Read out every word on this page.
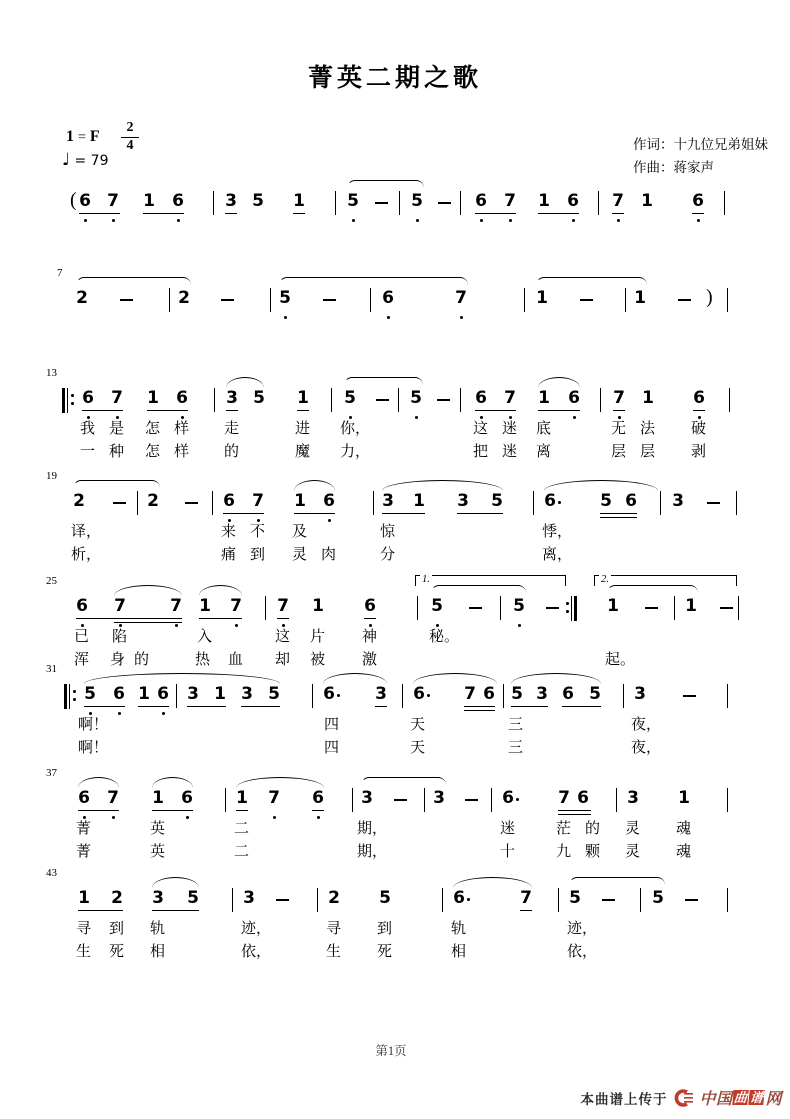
菁英二期之歌
1 = F
2
4
♩ = 79
作词：十九位兄弟姐妹
作曲：蒋家声
( 6 7 1 6 3 5 1 5	5	6 7 1 6 7 1 6
7
)
2	2	5	6	7	1	1
13
6 7 1 6 3 5 1 5	5	6 7 1 6 7 1 6
我 是 怎 样 走	进 你，	这 迷 底	无 法 破
一 种 怎 样 的	魔 力，	把 迷 离	层 层 剥
19
2	2	6 7 1 6	3 1 3 5 6	5 6 3
译，	来 不 及	惊	悸，
析，	痛 到 灵 肉	分	离，
25
6 7	7 1 7 7 1 6	5	5	1	1
1.	2.
已 陷	入	这 片 神	秘。
浑 身 的	热 血 却 被 激	起。
31
5 6 1 6 3 1 3 5	6 3 6 7 6 5 3 6 5 3
啊！	四	天	三	夜，
啊！	四	天	三	夜，
37
6 7 1 6	1 7 6 3	3	6	7 6 3 1
菁	英	二	期，	迷	茫 的 灵 魂
菁	英	二	期，	十	九 颗 灵 魂
43
1 2 3 5	3	2 5	6	7 5	5
寻 到 轨	迹，	寻 到	轨	迹，
生 死 相	依，	生 死	相	依，
第1页
本曲谱上传于 中国 曲 谱 网
